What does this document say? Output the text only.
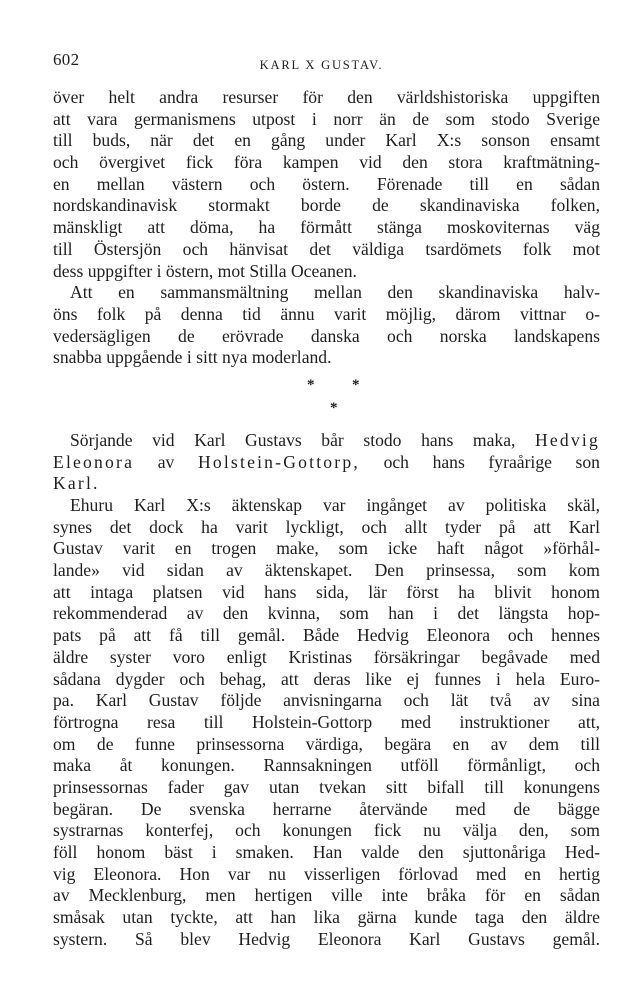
602	KARL X GUSTAV.
över helt andra resurser för den världshistoriska uppgiften
att vara germanismens utpost i norr än de som stodo Sverige
till buds, när det en gång under Karl X:s sonson ensamt
och övergivet fick föra kampen vid den stora kraftmätning-
en mellan västern och östern. Förenade till en sådan
nordskandinavisk stormakt borde de skandinaviska folken,
mänskligt att döma, ha förmått stänga moskoviternas väg
till Östersjön och hänvisat det väldiga tsardömets folk mot
dess uppgifter i östern, mot Stilla Oceanen.
Att en sammansmältning mellan den skandinaviska halv-
öns folk på denna tid ännu varit möjlig, därom vittnar o-
vedersägligen de erövrade danska och norska landskapens
snabba uppgående i sitt nya moderland.
*	*
*
Sörjande vid Karl Gustavs bår stodo hans maka, Hedvig
Eleonora av Holstein-Gottorp, och hans fyraårige son
Karl.
Ehuru Karl X:s äktenskap var ingånget av politiska skäl,
synes det dock ha varit lyckligt, och allt tyder på att Karl
Gustav varit en trogen make, som icke haft något »förhål-
lande» vid sidan av äktenskapet. Den prinsessa, som kom
att intaga platsen vid hans sida, lär först ha blivit honom
rekommenderad av den kvinna, som han i det längsta hop-
pats på att få till gemål. Både Hedvig Eleonora och hennes
äldre syster voro enligt Kristinas försäkringar begåvade med
sådana dygder och behag, att deras like ej funnes i hela Euro-
pa. Karl Gustav följde anvisningarna och lät två av sina
förtrogna resa till Holstein-Gottorp med instruktioner att,
om de funne prinsessorna värdiga, begära en av dem till
maka åt konungen. Rannsakningen utföll förmånligt, och
prinsessornas fader gav utan tvekan sitt bifall till konungens
begäran. De svenska herrarne återvände med de bägge
systrarnas konterfej, och konungen fick nu välja den, som
föll honom bäst i smaken. Han valde den sjuttonåriga Hed-
vig Eleonora. Hon var nu visserligen förlovad med en hertig
av Mecklenburg, men hertigen ville inte bråka för en sådan
småsak utan tyckte, att han lika gärna kunde taga den äldre
systern. Så blev Hedvig Eleonora Karl Gustavs gemål.
